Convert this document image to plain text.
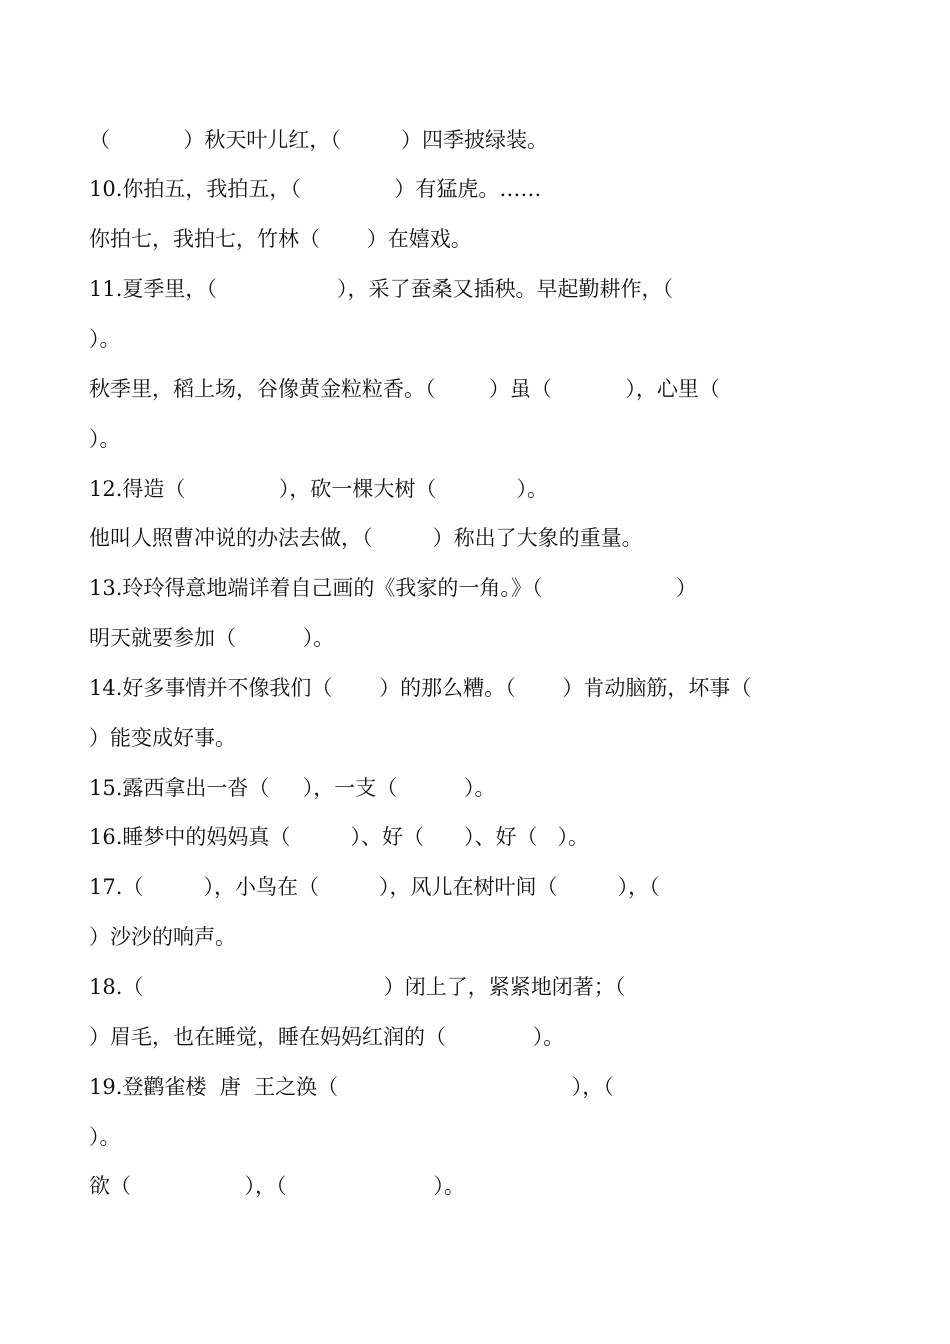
（           ）秋天叶儿红，（         ）四季披绿装。
10.你拍五，我拍五，（              ）有猛虎。……
你拍七，我拍七，竹林（       ）在嬉戏。
11.夏季里，（                  ），采了蚕桑又插秧。早起勤耕作，（
）。
秋季里，稻上场，谷像黄金粒粒香。（        ）虽（           ），心里（
）。
12.得造（              ），砍一棵大树（            ）。
他叫人照曹冲说的办法去做，（         ）称出了大象的重量。
13.玲玲得意地端详着自己画的《我家的一角。》（                    ）
明天就要参加（          ）。
14.好多事情并不像我们（       ）的那么糟。（       ）肯动脑筋，坏事（
）能变成好事。
15.露西拿出一沓（     ），一支（          ）。
16.睡梦中的妈妈真（         ）、好（      ）、好（   ）。
17.（         ），小鸟在（         ），风儿在树叶间（         ），（
）沙沙的响声。
18.（                                    ）闭上了，紧紧地闭著；（
）眉毛，也在睡觉，睡在妈妈红润的（             ）。
19.登鹳雀楼  唐  王之涣（                                   ），（
）。
欲（                 ），（                      ）。
